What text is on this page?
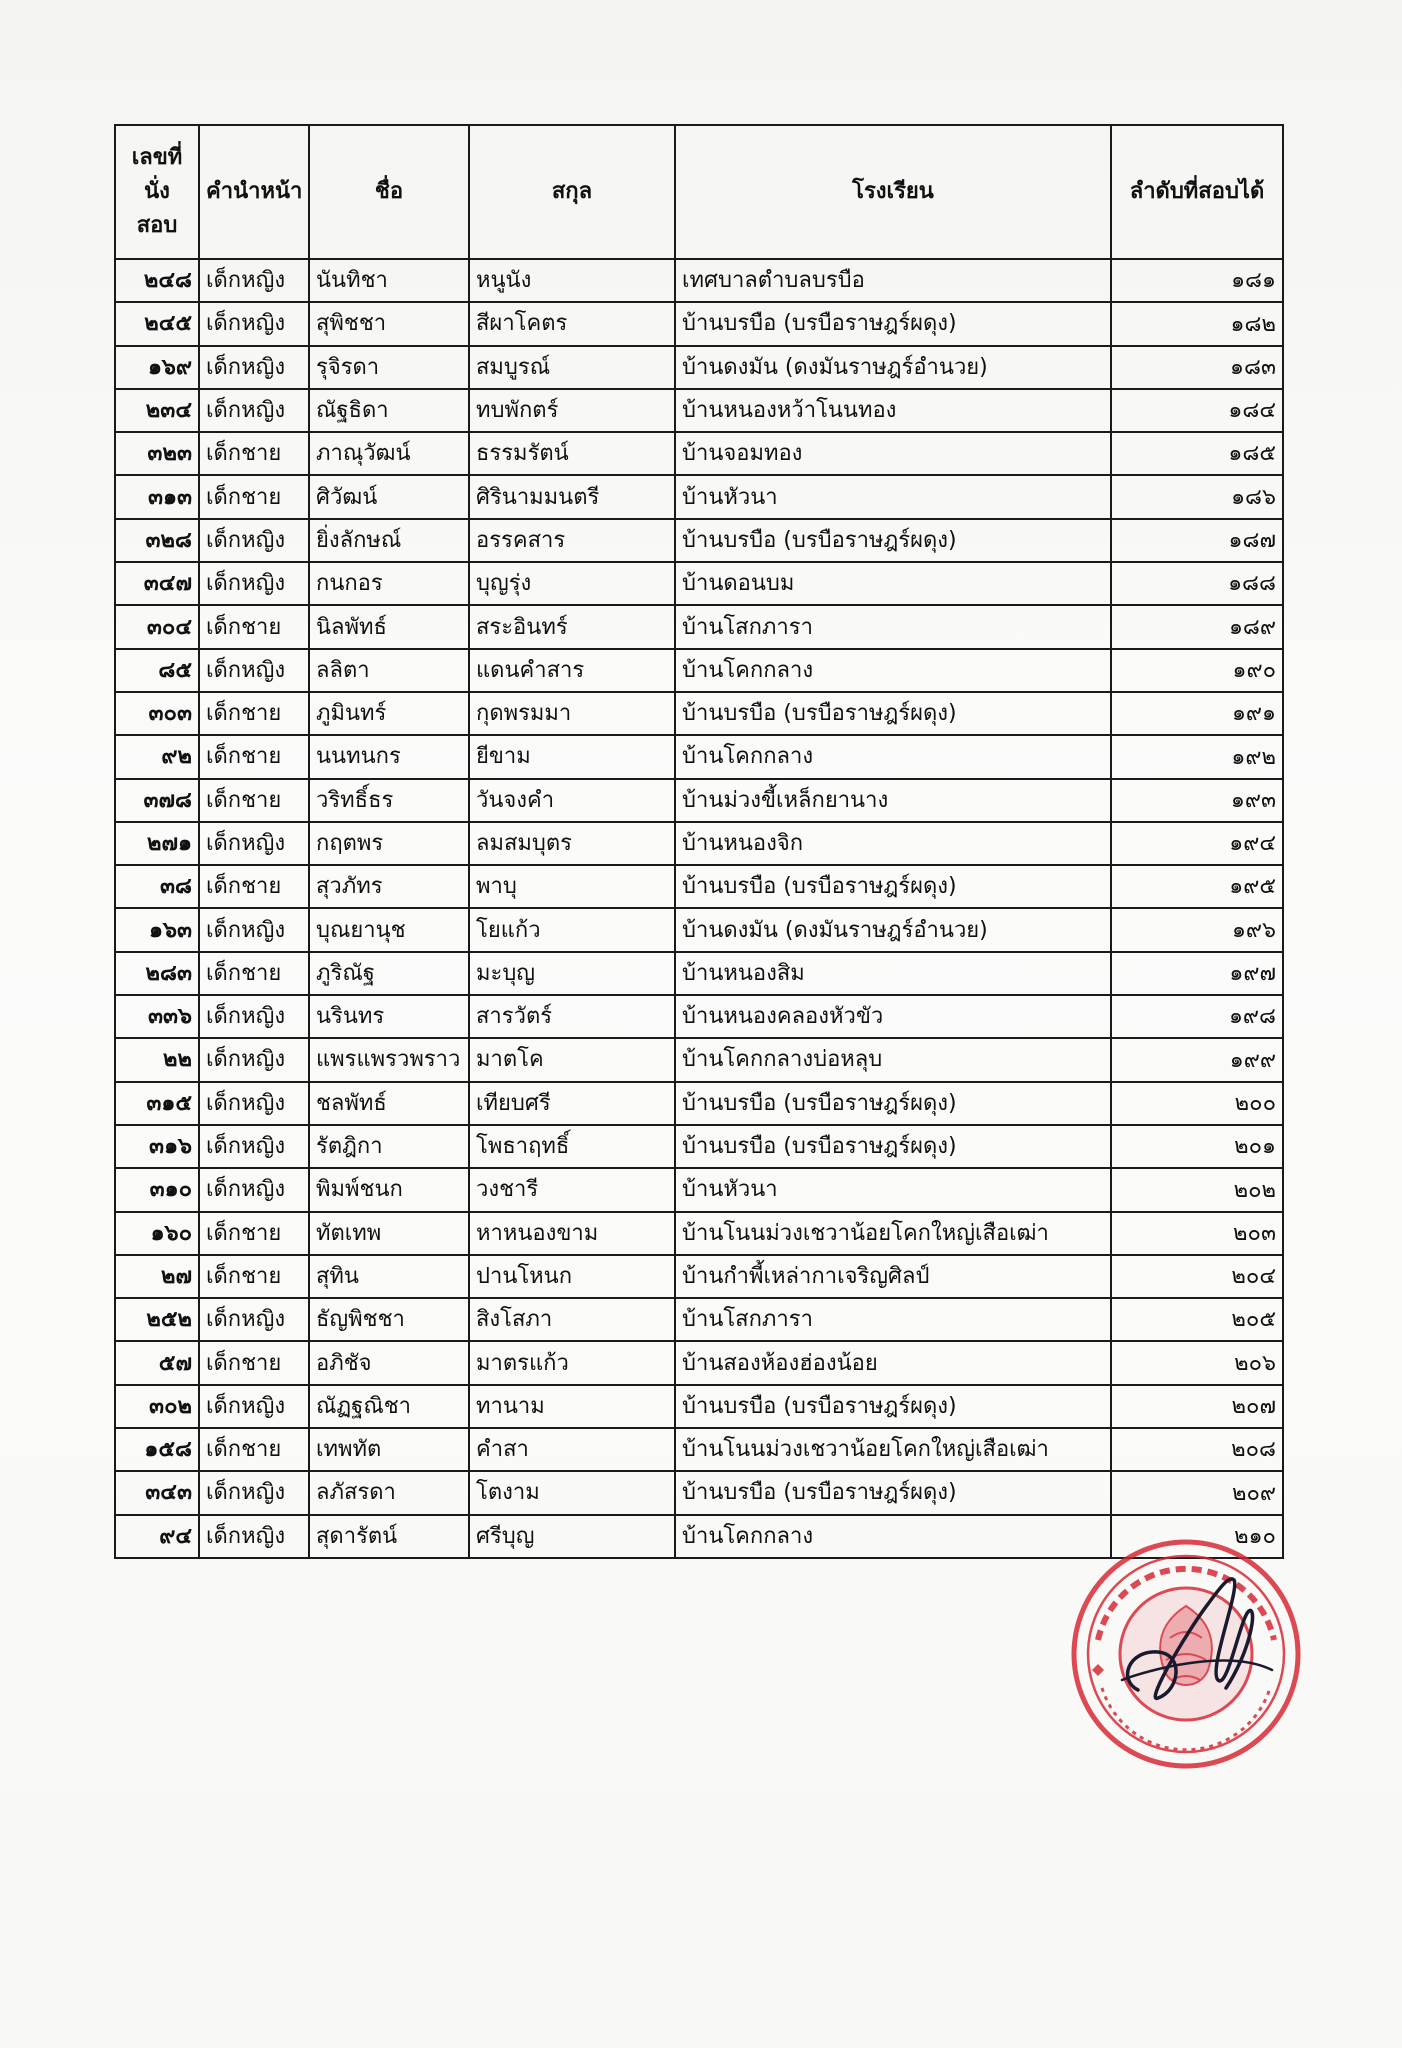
เลขที่
นั่ง
สอบ	คำนำหน้า	ชื่อ	สกุล	โรงเรียน	ลำดับที่สอบได้
๒๔๘	เด็กหญิง	นันทิชา	หนูนัง	เทศบาลตำบลบรบือ	๑๘๑
๒๔๕	เด็กหญิง	สุพิชชา	สีผาโคตร	บ้านบรบือ (บรบือราษฎร์ผดุง)	๑๘๒
๑๖๙	เด็กหญิง	รุจิรดา	สมบูรณ์	บ้านดงมัน (ดงมันราษฎร์อำนวย)	๑๘๓
๒๓๔	เด็กหญิง	ณัฐธิดา	ทบพักตร์	บ้านหนองหว้าโนนทอง	๑๘๔
๓๒๓	เด็กชาย	ภาณุวัฒน์	ธรรมรัตน์	บ้านจอมทอง	๑๘๕
๓๑๓	เด็กชาย	ศิวัฒน์	ศิรินามมนตรี	บ้านหัวนา	๑๘๖
๓๒๘	เด็กหญิง	ยิ่งลักษณ์	อรรคสาร	บ้านบรบือ (บรบือราษฎร์ผดุง)	๑๘๗
๓๔๗	เด็กหญิง	กนกอร	บุญรุ่ง	บ้านดอนบม	๑๘๘
๓๐๔	เด็กชาย	นิลพัทธ์	สระอินทร์	บ้านโสกภารา	๑๘๙
๘๕	เด็กหญิง	ลลิตา	แดนคำสาร	บ้านโคกกลาง	๑๙๐
๓๐๓	เด็กชาย	ภูมินทร์	กุดพรมมา	บ้านบรบือ (บรบือราษฎร์ผดุง)	๑๙๑
๙๒	เด็กชาย	นนทนกร	ยีขาม	บ้านโคกกลาง	๑๙๒
๓๗๘	เด็กชาย	วริทธิ์ธร	วันจงคำ	บ้านม่วงขี้เหล็กยานาง	๑๙๓
๒๗๑	เด็กหญิง	กฤตพร	ลมสมบุตร	บ้านหนองจิก	๑๙๔
๓๘	เด็กชาย	สุวภัทร	พาบุ	บ้านบรบือ (บรบือราษฎร์ผดุง)	๑๙๕
๑๖๓	เด็กหญิง	บุณยานุช	โยแก้ว	บ้านดงมัน (ดงมันราษฎร์อำนวย)	๑๙๖
๒๘๓	เด็กชาย	ภูริณัฐ	มะบุญ	บ้านหนองสิม	๑๙๗
๓๓๖	เด็กหญิง	นรินทร	สารวัตร์	บ้านหนองคลองหัวขัว	๑๙๘
๒๒	เด็กหญิง	แพรแพรวพราว	มาตโค	บ้านโคกกลางบ่อหลุบ	๑๙๙
๓๑๕	เด็กหญิง	ชลพัทธ์	เทียบศรี	บ้านบรบือ (บรบือราษฎร์ผดุง)	๒๐๐
๓๑๖	เด็กหญิง	รัตฎิกา	โพธาฤทธิ์	บ้านบรบือ (บรบือราษฎร์ผดุง)	๒๐๑
๓๑๐	เด็กหญิง	พิมพ์ชนก	วงชารี	บ้านหัวนา	๒๐๒
๑๖๐	เด็กชาย	ทัตเทพ	หาหนองขาม	บ้านโนนม่วงเชวาน้อยโคกใหญ่เสือเฒ่า	๒๐๓
๒๗	เด็กชาย	สุทิน	ปานโหนก	บ้านกำพี้เหล่ากาเจริญศิลป์	๒๐๔
๒๕๒	เด็กหญิง	ธัญพิชชา	สิงโสภา	บ้านโสกภารา	๒๐๕
๕๗	เด็กชาย	อภิชัจ	มาตรแก้ว	บ้านสองห้องฮ่องน้อย	๒๐๖
๓๐๒	เด็กหญิง	ณัฏฐณิชา	ทานาม	บ้านบรบือ (บรบือราษฎร์ผดุง)	๒๐๗
๑๕๘	เด็กชาย	เทพทัต	คำสา	บ้านโนนม่วงเชวาน้อยโคกใหญ่เสือเฒ่า	๒๐๘
๓๔๓	เด็กหญิง	ลภัสรดา	โตงาม	บ้านบรบือ (บรบือราษฎร์ผดุง)	๒๐๙
๙๔	เด็กหญิง	สุดารัตน์	ศรีบุญ	บ้านโคกกลาง	๒๑๐
